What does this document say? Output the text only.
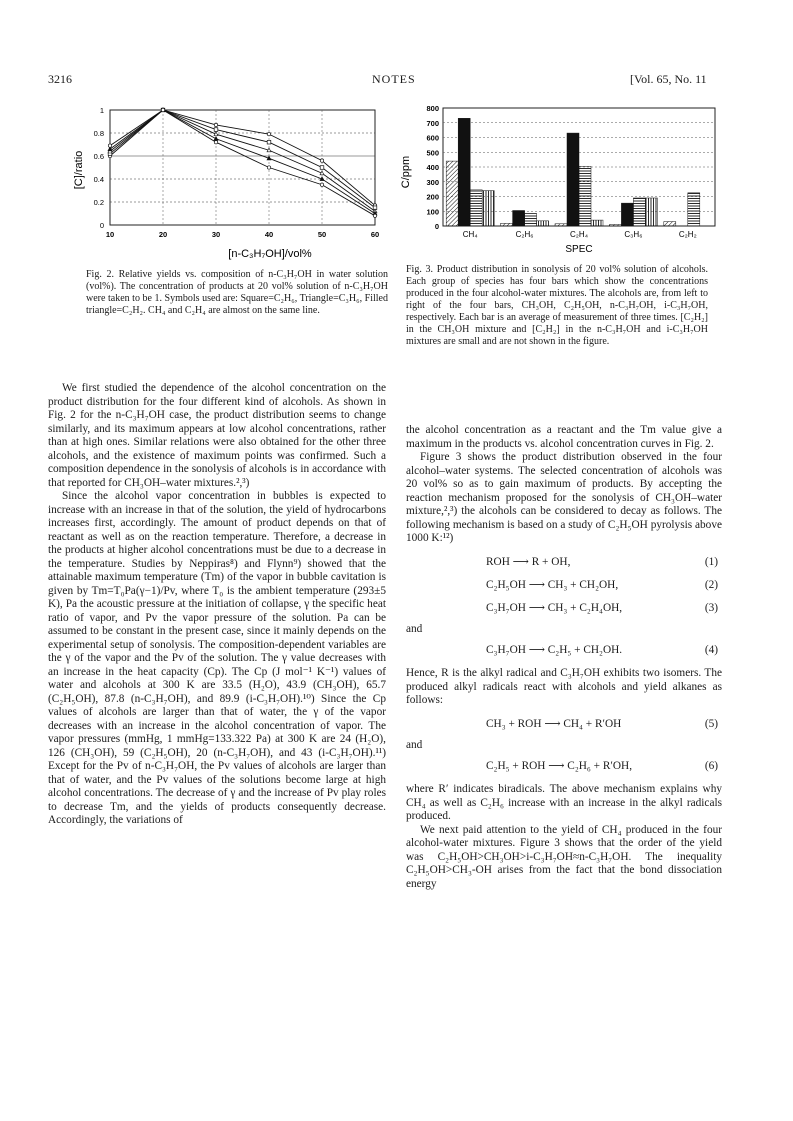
3216	NOTES	[Vol. 65, No. 11
0
0.2
0.4
0.6
0.8
1
10	20	30	40	50	60
[C]/ratio
[n-C₃H₇OH]/vol%
Fig. 2. Relative yields vs. composition of n-C₃H₇OH in water solution (vol%). The concentration of products at 20 vol% solution of n-C₃H₇OH were taken to be 1. Symbols used are: Square=C₂H₆, Triangle=C₃H₆, Filled triangle=C₂H₂. CH₄ and C₂H₄ are almost on the same line.
0
100
200
300
400
500
600
700
800
CH₄	C₂H₆	C₂H₄	C₃H₆	C₂H₂
C/ppm
SPEC
Fig. 3. Product distribution in sonolysis of 20 vol% solution of alcohols. Each group of species has four bars which show the concentrations produced in the four alcohol-water mixtures. The alcohols are, from left to right of the four bars, CH₃OH, C₂H₅OH, n-C₃H₇OH, i-C₃H₇OH, respectively. Each bar is an average of measurement of three times. [C₂H₂] in the CH₃OH mixture and [C₂H₂] in the n-C₃H₇OH and i-C₃H₇OH mixtures are small and are not shown in the figure.

We first studied the dependence of the alcohol concentration on the product distribution for the four different kind of alcohols. As shown in Fig. 2 for the n-C₃H₇OH case, the product distribution seems to change similarly, and its maximum appears at low alcohol concentrations, rather than at high ones. Similar relations were also obtained for the other three alcohols, and the existence of maximum points was confirmed. Such a composition dependence in the sonolysis of alcohols is in accordance with that reported for CH₃OH–water mixtures.²,³)

Since the alcohol vapor concentration in bubbles is expected to increase with an increase in that of the solution, the yield of hydrocarbons increases first, accordingly. The amount of product depends on that of reactant as well as on the reaction temperature. Therefore, a decrease in the products at higher alcohol concentrations must be due to a decrease in the temperature. Studies by Neppiras⁸) and Flynn⁹) showed that the attainable maximum temperature (Tm) of the vapor in bubble cavitation is given by Tm=T₀Pa(γ−1)/Pv, where T₀ is the ambient temperature (293±5 K), Pa the acoustic pressure at the initiation of collapse, γ the specific heat ratio of vapor, and Pv the vapor pressure of the solution. Pa can be assumed to be constant in the present case, since it mainly depends on the experimental setup of sonolysis. The composition-dependent variables are the γ of the vapor and the Pv of the solution. The γ value decreases with an increase in the heat capacity (Cp). The Cp (J mol⁻¹ K⁻¹) values of water and alcohols at 300 K are 33.5 (H₂O), 43.9 (CH₃OH), 65.7 (C₂H₅OH), 87.8 (n-C₃H₇OH), and 89.9 (i-C₃H₇OH).¹⁰) Since the Cp values of alcohols are larger than that of water, the γ of the vapor decreases with an increase in the alcohol concentration of vapor. The vapor pressures (mmHg, 1 mmHg=133.322 Pa) at 300 K are 24 (H₂O), 126 (CH₃OH), 59 (C₂H₅OH), 20 (n-C₃H₇OH), and 43 (i-C₃H₇OH).¹¹) Except for the Pv of n-C₃H₇OH, the Pv values of alcohols are larger than that of water, and the Pv values of the solutions become large at high alcohol concentrations. The decrease of γ and the increase of Pv play roles to decrease Tm, and the yields of products consequently decrease. Accordingly, the variations of

the alcohol concentration as a reactant and the Tm value give a maximum in the products vs. alcohol concentration curves in Fig. 2.

Figure 3 shows the product distribution observed in the four alcohol–water systems. The selected concentration of alcohols was 20 vol% so as to gain maximum of products. By accepting the reaction mechanism proposed for the sonolysis of CH₃OH–water mixture,²,³) the alcohols can be considered to decay as follows. The following mechanism is based on a study of C₂H₅OH pyrolysis above 1000 K:¹²)

ROH ⟶ R + OH,	(1)
C₂H₅OH ⟶ CH₃ + CH₂OH,	(2)
C₃H₇OH ⟶ CH₃ + C₂H₄OH,	(3)
and
C₃H₇OH ⟶ C₂H₅ + CH₂OH.	(4)

Hence, R is the alkyl radical and C₃H₇OH exhibits two isomers. The produced alkyl radicals react with alcohols and yield alkanes as follows:

CH₃ + ROH ⟶ CH₄ + R′OH	(5)
and
C₂H₅ + ROH ⟶ C₂H₆ + R′OH,	(6)

where R′ indicates biradicals. The above mechanism explains why CH₄ as well as C₂H₆ increase with an increase in the alkyl radicals produced.

We next paid attention to the yield of CH₄ produced in the four alcohol-water mixtures. Figure 3 shows that the order of the yield was C₂H₅OH>CH₃OH>i-C₃H₇OH≈n-C₃H₇OH. The inequality C₂H₅OH>CH₃-OH arises from the fact that the bond dissociation energy
